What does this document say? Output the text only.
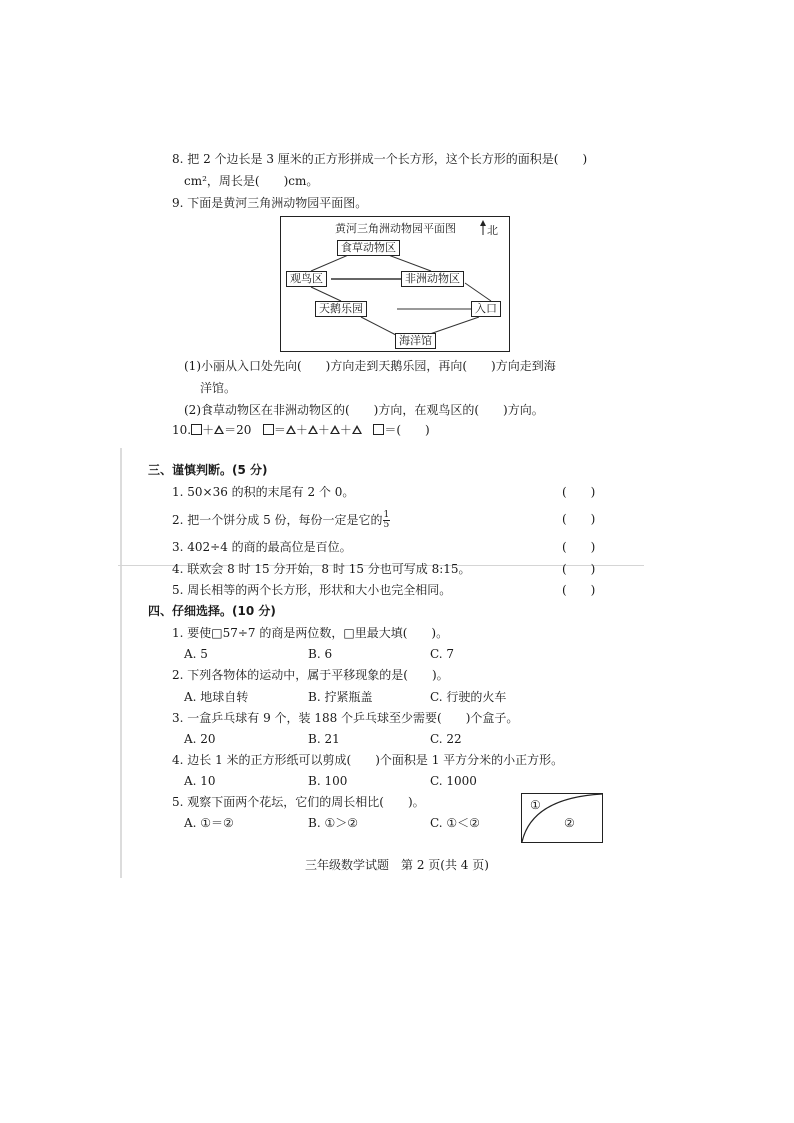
8. 把 2 个边长是 3 厘米的正方形拼成一个长方形，这个长方形的面积是(　　)
cm²，周长是(　　)cm。
9. 下面是黄河三角洲动物园平面图。
黄河三角洲动物园平面图	北
食草动物区
观鸟区	非洲动物区
天鹅乐园	入口
海洋馆
(1)小丽从入口处先向(　　)方向走到天鹅乐园，再向(　　)方向走到海
洋馆。
(2)食草动物区在非洲动物区的(　　)方向，在观鸟区的(　　)方向。
10. ＋ ＝20 ＝ ＋ ＋ ＋	＝(　　)
三、谨慎判断。(5 分)
1. 50×36 的积的末尾有 2 个 0。	(　　)
2. 把一个饼分成 5 份，每份一定是它的 $\frac{1}{5}$	(　　)
3. 402÷4 的商的最高位是百位。	(　　)
4. 联欢会 8 时 15 分开始，8 时 15 分也可写成 8:15。	(　　)
5. 周长相等的两个长方形，形状和大小也完全相同。	(　　)
四、仔细选择。(10 分)
1. 要使□57÷7 的商是两位数，□里最大填(　　)。
A. 5	B. 6	C. 7
2. 下列各物体的运动中，属于平移现象的是(　　)。
A. 地球自转	B. 拧紧瓶盖	C. 行驶的火车
3. 一盒乒乓球有 9 个，装 188 个乒乓球至少需要(　　)个盒子。
A. 20	B. 21	C. 22
4. 边长 1 米的正方形纸可以剪成(　　)个面积是 1 平方分米的小正方形。
A. 10	B. 100	C. 1000
5. 观察下面两个花坛，它们的周长相比(　　)。
A. ①＝②	B. ①＞②	C. ①＜②
①
②
三年级数学试题　第 2 页(共 4 页)
